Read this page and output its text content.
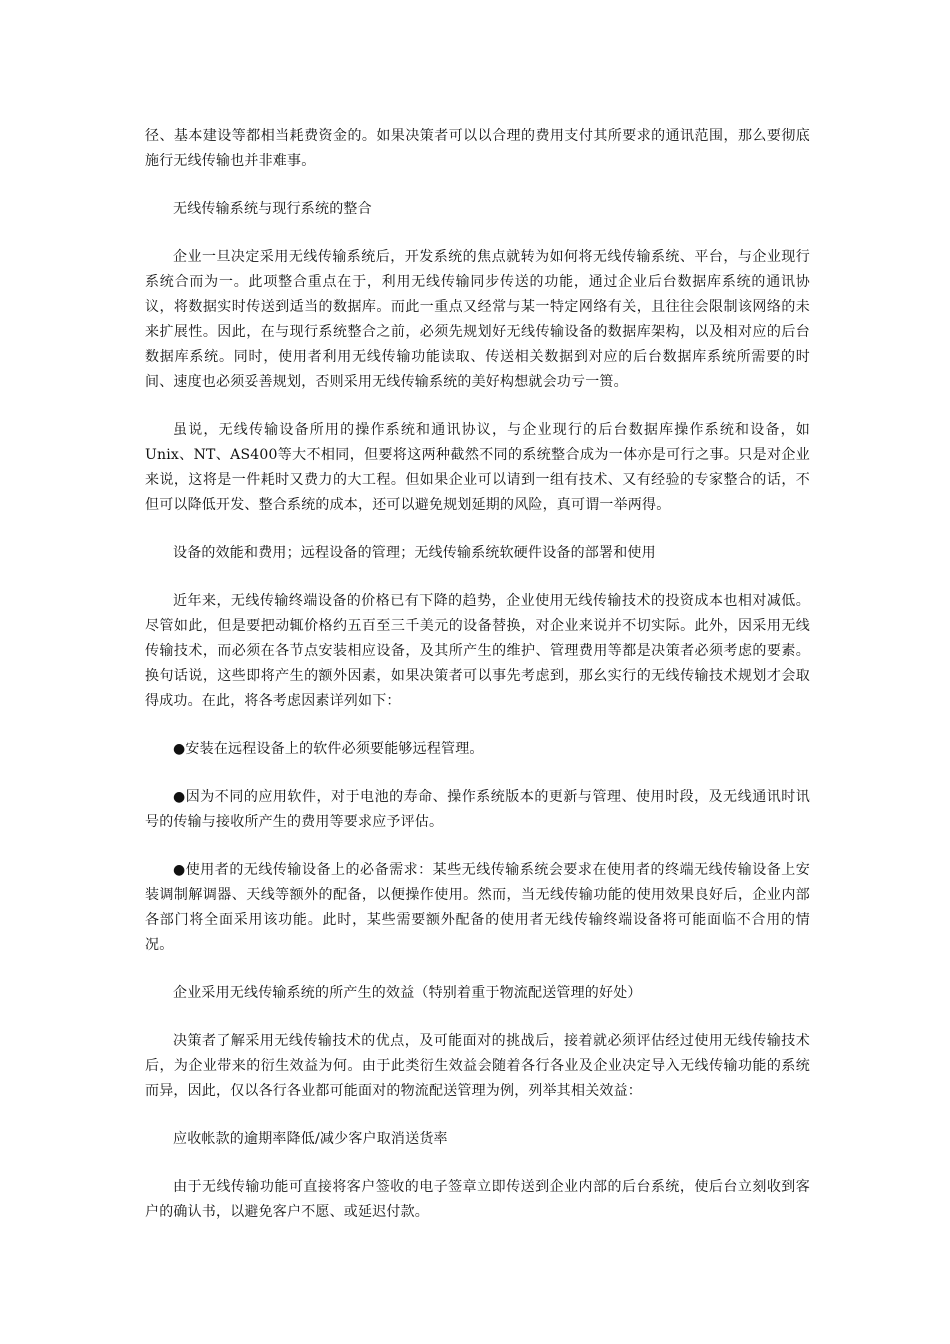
径、基本建设等都相当耗费资金的。如果决策者可以以合理的费用支付其所要求的通讯范围，那么要彻底施行无线传输也并非难事。

无线传输系统与现行系统的整合

企业一旦决定采用无线传输系统后，开发系统的焦点就转为如何将无线传输系统、平台，与企业现行系统合而为一。此项整合重点在于，利用无线传输同步传送的功能，通过企业后台数据库系统的通讯协议，将数据实时传送到适当的数据库。而此一重点又经常与某一特定网络有关，且往往会限制该网络的未来扩展性。因此，在与现行系统整合之前，必须先规划好无线传输设备的数据库架构，以及相对应的后台数据库系统。同时，使用者利用无线传输功能读取、传送相关数据到对应的后台数据库系统所需要的时间、速度也必须妥善规划，否则采用无线传输系统的美好构想就会功亏一篑。

虽说，无线传输设备所用的操作系统和通讯协议，与企业现行的后台数据库操作系统和设备，如Unix、NT、AS400等大不相同，但要将这两种截然不同的系统整合成为一体亦是可行之事。只是对企业来说，这将是一件耗时又费力的大工程。但如果企业可以请到一组有技术、又有经验的专家整合的话，不但可以降低开发、整合系统的成本，还可以避免规划延期的风险，真可谓一举两得。

设备的效能和费用；远程设备的管理；无线传输系统软硬件设备的部署和使用

近年来，无线传输终端设备的价格已有下降的趋势，企业使用无线传输技术的投资成本也相对减低。尽管如此，但是要把动辄价格约五百至三千美元的设备替换，对企业来说并不切实际。此外，因采用无线传输技术，而必须在各节点安装相应设备，及其所产生的维护、管理费用等都是决策者必须考虑的要素。换句话说，这些即将产生的额外因素，如果决策者可以事先考虑到，那幺实行的无线传输技术规划才会取得成功。在此，将各考虑因素详列如下：

●安装在远程设备上的软件必须要能够远程管理。

●因为不同的应用软件，对于电池的寿命、操作系统版本的更新与管理、使用时段，及无线通讯时讯号的传输与接收所产生的费用等要求应予评估。

●使用者的无线传输设备上的必备需求：某些无线传输系统会要求在使用者的终端无线传输设备上安装调制解调器、天线等额外的配备，以便操作使用。然而，当无线传输功能的使用效果良好后，企业内部各部门将全面采用该功能。此时，某些需要额外配备的使用者无线传输终端设备将可能面临不合用的情况。

企业采用无线传输系统的所产生的效益（特别着重于物流配送管理的好处）

决策者了解采用无线传输技术的优点，及可能面对的挑战后，接着就必须评估经过使用无线传输技术后，为企业带来的衍生效益为何。由于此类衍生效益会随着各行各业及企业决定导入无线传输功能的系统而异，因此，仅以各行各业都可能面对的物流配送管理为例，列举其相关效益：

应收帐款的逾期率降低/减少客户取消送货率

由于无线传输功能可直接将客户签收的电子签章立即传送到企业内部的后台系统，使后台立刻收到客户的确认书，以避免客户不愿、或延迟付款。
